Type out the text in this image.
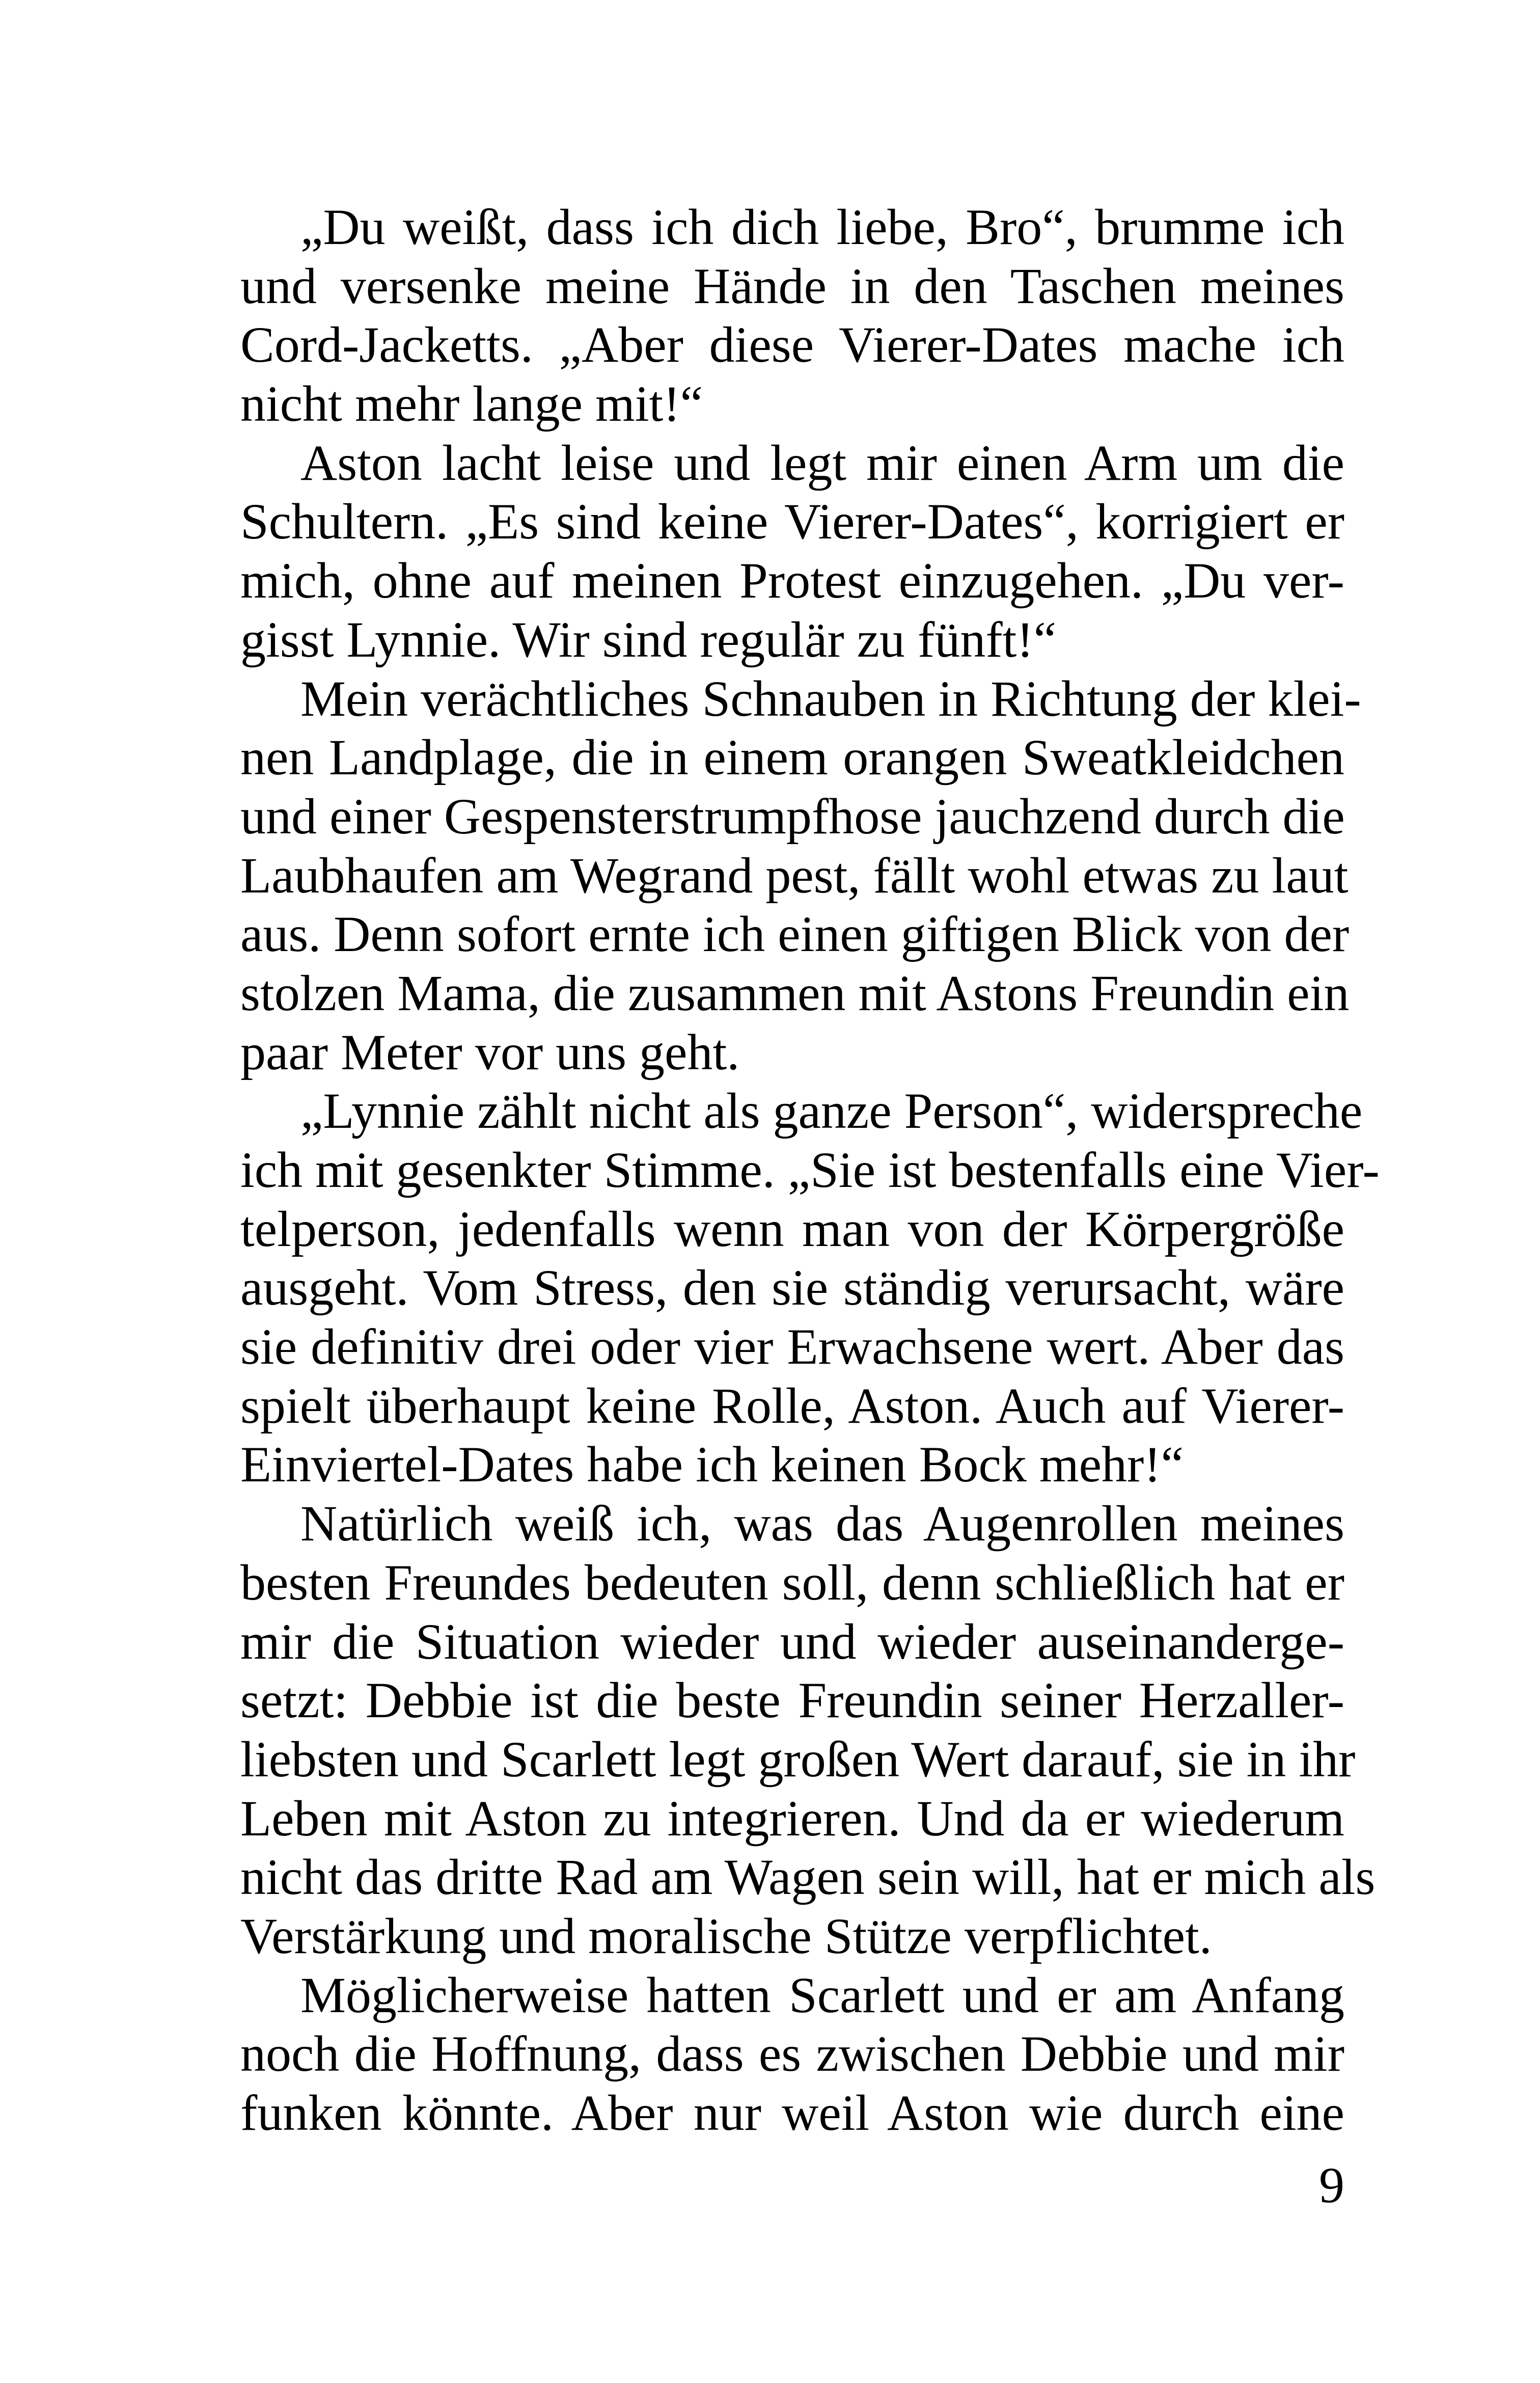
„Du weißt, dass ich dich liebe, Bro“, brumme ich
und versenke meine Hände in den Taschen meines
Cord-Jacketts. „Aber diese Vierer-Dates mache ich
nicht mehr lange mit!“
Aston lacht leise und legt mir einen Arm um die
Schultern. „Es sind keine Vierer-Dates“, korrigiert er
mich, ohne auf meinen Protest einzugehen. „Du ver-
gisst Lynnie. Wir sind regulär zu fünft!“
Mein verächtliches Schnauben in Richtung der klei-
nen Landplage, die in einem orangen Sweatkleidchen
und einer Gespensterstrumpfhose jauchzend durch die
Laubhaufen am Wegrand pest, fällt wohl etwas zu laut
aus. Denn sofort ernte ich einen giftigen Blick von der
stolzen Mama, die zusammen mit Astons Freundin ein
paar Meter vor uns geht.
„Lynnie zählt nicht als ganze Person“, widerspreche
ich mit gesenkter Stimme. „Sie ist bestenfalls eine Vier-
telperson, jedenfalls wenn man von der Körpergröße
ausgeht. Vom Stress, den sie ständig verursacht, wäre
sie definitiv drei oder vier Erwachsene wert. Aber das
spielt überhaupt keine Rolle, Aston. Auch auf Vierer-
Einviertel-Dates habe ich keinen Bock mehr!“
Natürlich weiß ich, was das Augenrollen meines
besten Freundes bedeuten soll, denn schließlich hat er
mir die Situation wieder und wieder auseinanderge-
setzt: Debbie ist die beste Freundin seiner Herzaller-
liebsten und Scarlett legt großen Wert darauf, sie in ihr
Leben mit Aston zu integrieren. Und da er wiederum
nicht das dritte Rad am Wagen sein will, hat er mich als
Verstärkung und moralische Stütze verpflichtet.
Möglicherweise hatten Scarlett und er am Anfang
noch die Hoffnung, dass es zwischen Debbie und mir
funken könnte. Aber nur weil Aston wie durch eine
9
